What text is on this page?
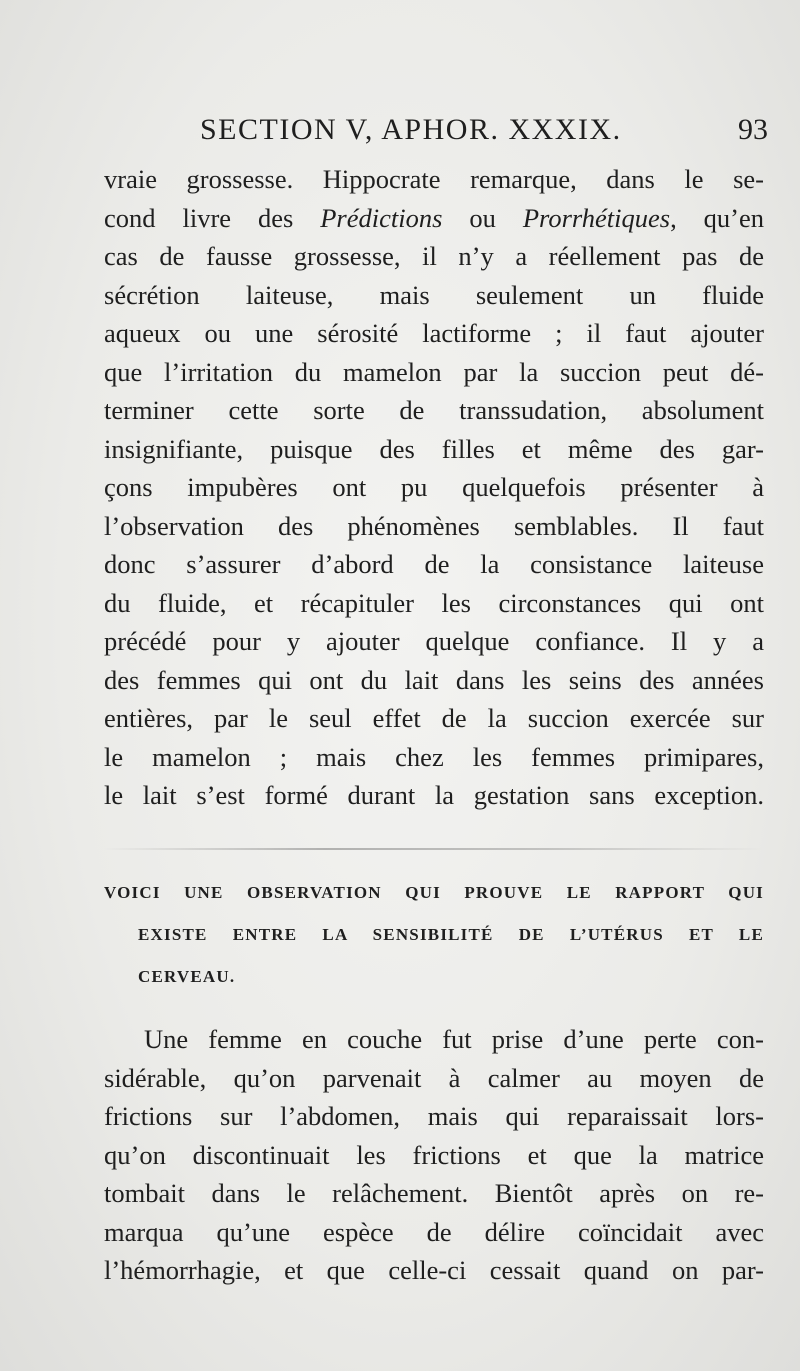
SECTION V, APHOR. XXXIX.	93
vraie grossesse. Hippocrate remarque, dans le se-
cond livre des Prédictions ou Prorrhétiques, qu’en
cas de fausse grossesse, il n’y a réellement pas de
sécrétion laiteuse, mais seulement un fluide
aqueux ou une sérosité lactiforme ; il faut ajouter
que l’irritation du mamelon par la succion peut dé-
terminer cette sorte de transsudation, absolument
insignifiante, puisque des filles et même des gar-
çons impubères ont pu quelquefois présenter à
l’observation des phénomènes semblables. Il faut
donc s’assurer d’abord de la consistance laiteuse
du fluide, et récapituler les circonstances qui ont
précédé pour y ajouter quelque confiance. Il y a
des femmes qui ont du lait dans les seins des années
entières, par le seul effet de la succion exercée sur
le mamelon ; mais chez les femmes primipares,
le lait s’est formé durant la gestation sans exception.
VOICI UNE OBSERVATION QUI PROUVE LE RAPPORT QUI
EXISTE ENTRE LA SENSIBILITÉ DE L’UTÉRUS ET LE
CERVEAU.
Une femme en couche fut prise d’une perte con-
sidérable, qu’on parvenait à calmer au moyen de
frictions sur l’abdomen, mais qui reparaissait lors-
qu’on discontinuait les frictions et que la matrice
tombait dans le relâchement. Bientôt après on re-
marqua qu’une espèce de délire coïncidait avec
l’hémorrhagie, et que celle-ci cessait quand on par-
